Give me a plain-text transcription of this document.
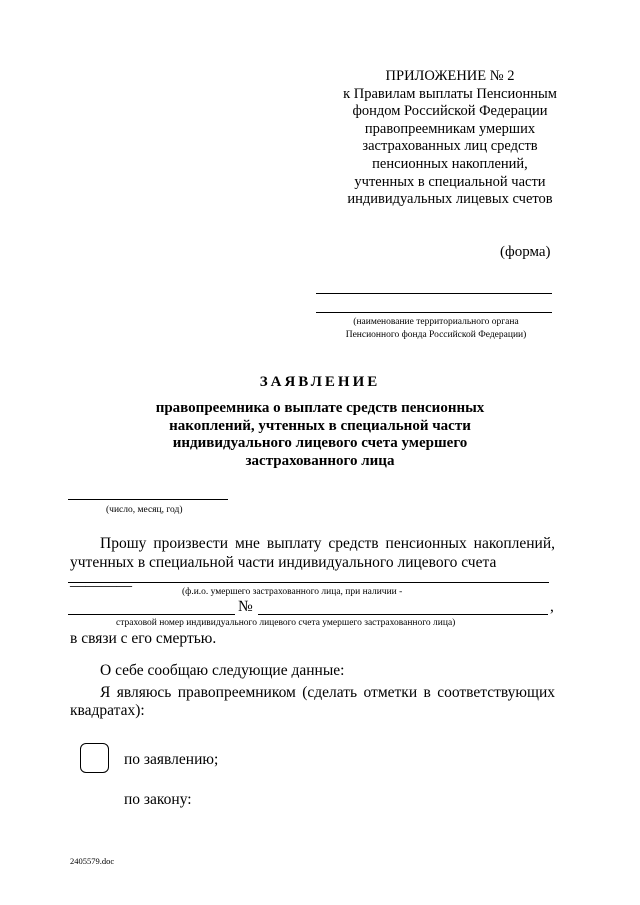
ПРИЛОЖЕНИЕ № 2
к Правилам выплаты Пенсионным
фондом Российской Федерации
правопреемникам умерших
застрахованных лиц средств
пенсионных накоплений,
учтенных в специальной части
индивидуальных лицевых счетов
(форма)
(наименование территориального органа
Пенсионного фонда Российской Федерации)
ЗАЯВЛЕНИЕ
правопреемника о выплате средств пенсионных
накоплений, учтенных в специальной части
индивидуального лицевого счета умершего
застрахованного лица
(число, месяц, год)
Прошу произвести мне выплату средств пенсионных накоплений,
учтенных в специальной части индивидуального лицевого счета ________
(ф.и.о. умершего застрахованного лица, при наличии -
№	,
страховой номер индивидуального лицевого счета умершего застрахованного лица)
в связи с его смертью.
О себе сообщаю следующие данные:
Я являюсь правопреемником (сделать отметки в соответствующих
квадратах):
по заявлению;
по закону:
2405579.doc
